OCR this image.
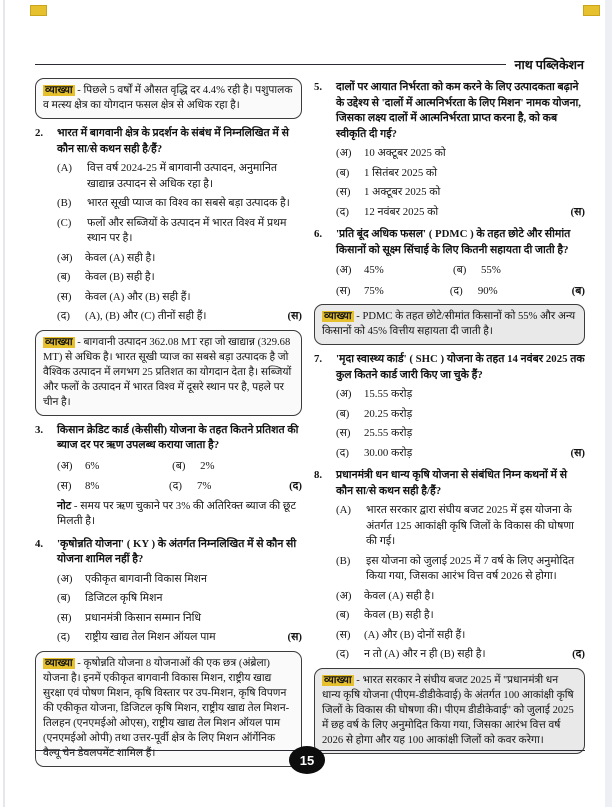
नाथ पब्लिकेशन
व्याख्या - पिछले 5 वर्षों में औसत वृद्धि दर 4.4% रही है। पशुपालक व मत्स्य क्षेत्र का योगदान फसल क्षेत्र से अधिक रहा है।
2.	भारत में बागवानी क्षेत्र के प्रदर्शन के संबंध में निम्नलिखित में से कौन सा/से कथन सही है/हैं?
(A)	वित्त वर्ष 2024-25 में बागवानी उत्पादन, अनुमानित खाद्यान्न उत्पादन से अधिक रहा है।
(B)	भारत सूखी प्याज का विश्व का सबसे बड़ा उत्पादक है।
(C)	फलों और सब्जियों के उत्पादन में भारत विश्व में प्रथम स्थान पर है।
(अ)	केवल (A) सही है।
(ब)	केवल (B) सही है।
(स)	केवल (A) और (B) सही हैं।
(द)	(A), (B) और (C) तीनों सही हैं।	(स)
व्याख्या - बागवानी उत्पादन 362.08 MT रहा जो खाद्यान्न (329.68 MT) से अधिक है। भारत सूखी प्याज का सबसे बड़ा उत्पादक है जो वैश्विक उत्पादन में लगभग 25 प्रतिशत का योगदान देता है। सब्जियों और फलों के उत्पादन में भारत विश्व में दूसरे स्थान पर है, पहले पर चीन है।
3.	किसान क्रेडिट कार्ड (केसीसी) योजना के तहत कितने प्रतिशत की ब्याज दर पर ऋण उपलब्ध कराया जाता है?
(अ)	6%	(ब)	2%
(स)	8%	(द)	7%	(द)
नोट - समय पर ऋण चुकाने पर 3% की अतिरिक्त ब्याज की छूट मिलती है।
4.	'कृषोन्नति योजना' ( KY ) के अंतर्गत निम्नलिखित में से कौन सी योजना शामिल नहीं है?
(अ)	एकीकृत बागवानी विकास मिशन
(ब)	डिजिटल कृषि मिशन
(स)	प्रधानमंत्री किसान सम्मान निधि
(द)	राष्ट्रीय खाद्य तेल मिशन ऑयल पाम	(स)
व्याख्या - कृषोन्नति योजना 8 योजनाओं की एक छत्र (अंब्रेला) योजना है। इनमें एकीकृत बागवानी विकास मिशन, राष्ट्रीय खाद्य सुरक्षा एवं पोषण मिशन, कृषि विस्तार पर उप-मिशन, कृषि विपणन की एकीकृत योजना, डिजिटल कृषि मिशन, राष्ट्रीय खाद्य तेल मिशन-तिलहन (एनएमईओ ओएस), राष्ट्रीय खाद्य तेल मिशन ऑयल पाम (एनएमईओ ओपी) तथा उत्तर-पूर्वी क्षेत्र के लिए मिशन ऑर्गेनिक वैल्यू चेन डेवलपमेंट शामिल हैं।
5.	दालों पर आयात निर्भरता को कम करने के लिए उत्पादकता बढ़ाने के उद्देश्य से 'दालों में आत्मनिर्भरता के लिए मिशन' नामक योजना, जिसका लक्ष्य दालों में आत्मनिर्भरता प्राप्त करना है, को कब स्वीकृति दी गई?
(अ)	10 अक्टूबर 2025 को
(ब)	1 सितंबर 2025 को
(स)	1 अक्टूबर 2025 को
(द)	12 नवंबर 2025 को	(स)
6.	'प्रति बूंद अधिक फसल' ( PDMC ) के तहत छोटे और सीमांत किसानों को सूक्ष्म सिंचाई के लिए कितनी सहायता दी जाती है?
(अ)	45%	(ब)	55%
(स)	75%	(द)	90%	(ब)
व्याख्या - PDMC के तहत छोटे/सीमांत किसानों को 55% और अन्य किसानों को 45% वित्तीय सहायता दी जाती है।
7.	'मृदा स्वास्थ्य कार्ड' ( SHC ) योजना के तहत 14 नवंबर 2025 तक कुल कितने कार्ड जारी किए जा चुके हैं?
(अ)	15.55 करोड़
(ब)	20.25 करोड़
(स)	25.55 करोड़
(द)	30.00 करोड़	(स)
8.	प्रधानमंत्री धन धान्य कृषि योजना से संबंधित निम्न कथनों में से कौन सा/से कथन सही है/हैं?
(A)	भारत सरकार द्वारा संघीय बजट 2025 में इस योजना के अंतर्गत 125 आकांक्षी कृषि जिलों के विकास की घोषणा की गई।
(B)	इस योजना को जुलाई 2025 में 7 वर्ष के लिए अनुमोदित किया गया, जिसका आरंभ वित्त वर्ष 2026 से होगा।
(अ)	केवल (A) सही है।
(ब)	केवल (B) सही है।
(स)	(A) और (B) दोनों सही हैं।
(द)	न तो (A) और न ही (B) सही है।	(द)
व्याख्या - भारत सरकार ने संघीय बजट 2025 में ''प्रधानमंत्री धन धान्य कृषि योजना (पीएम-डीडीकेवाई) के अंतर्गत 100 आकांक्षी कृषि जिलों के विकास की घोषणा की। पीएम डीडीकेवाई'' को जुलाई 2025 में छह वर्ष के लिए अनुमोदित किया गया, जिसका आरंभ वित्त वर्ष 2026 से होगा और यह 100 आकांक्षी जिलों को कवर करेगा।
15
